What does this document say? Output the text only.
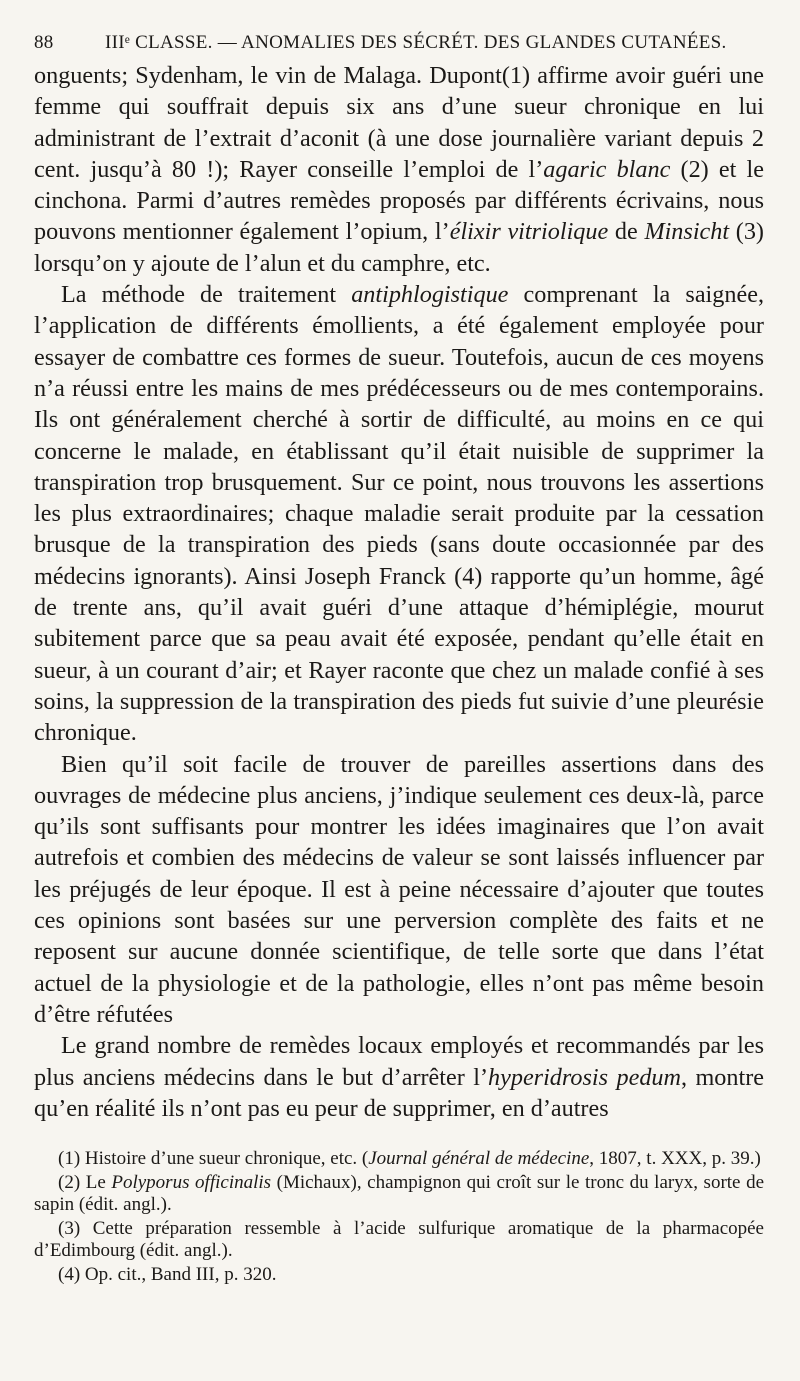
88	IIIᵉ CLASSE. — ANOMALIES DES SÉCRÉT. DES GLANDES CUTANÉES.

onguents; Sydenham, le vin de Malaga. Dupont(1) affirme avoir guéri une femme qui souffrait depuis six ans d’une sueur chronique en lui administrant de l’extrait d’aconit (à une dose journalière variant depuis 2 cent. jusqu’à 80 !); Rayer conseille l’emploi de l’agaric blanc (2) et le cinchona. Parmi d’autres remèdes proposés par différents écrivains, nous pouvons mentionner également l’opium, l’élixir vitriolique de Minsicht (3) lorsqu’on y ajoute de l’alun et du camphre, etc.

La méthode de traitement antiphlogistique comprenant la saignée, l’application de différents émollients, a été également employée pour essayer de combattre ces formes de sueur. Toutefois, aucun de ces moyens n’a réussi entre les mains de mes prédécesseurs ou de mes contemporains. Ils ont généralement cherché à sortir de difficulté, au moins en ce qui concerne le malade, en établissant qu’il était nuisible de supprimer la transpiration trop brusquement. Sur ce point, nous trouvons les assertions les plus extraordinaires; chaque maladie serait produite par la cessation brusque de la transpiration des pieds (sans doute occasionnée par des médecins ignorants). Ainsi Joseph Franck (4) rapporte qu’un homme, âgé de trente ans, qu’il avait guéri d’une attaque d’hémiplégie, mourut subitement parce que sa peau avait été exposée, pendant qu’elle était en sueur, à un courant d’air; et Rayer raconte que chez un malade confié à ses soins, la suppression de la transpiration des pieds fut suivie d’une pleurésie chronique.

Bien qu’il soit facile de trouver de pareilles assertions dans des ouvrages de médecine plus anciens, j’indique seulement ces deux-là, parce qu’ils sont suffisants pour montrer les idées imaginaires que l’on avait autrefois et combien des médecins de valeur se sont laissés influencer par les préjugés de leur époque. Il est à peine nécessaire d’ajouter que toutes ces opinions sont basées sur une perversion complète des faits et ne reposent sur aucune donnée scientifique, de telle sorte que dans l’état actuel de la physiologie et de la pathologie, elles n’ont pas même besoin d’être réfutées

Le grand nombre de remèdes locaux employés et recommandés par les plus anciens médecins dans le but d’arrêter l’hyperidrosis pedum, montre qu’en réalité ils n’ont pas eu peur de supprimer, en d’autres

(1) Histoire d’une sueur chronique, etc. (Journal général de médecine, 1807, t. XXX, p. 39.)

(2) Le Polyporus officinalis (Michaux), champignon qui croît sur le tronc du laryx, sorte de sapin (édit. angl.).

(3) Cette préparation ressemble à l’acide sulfurique aromatique de la pharmacopée d’Edimbourg (édit. angl.).

(4) Op. cit., Band III, p. 320.
